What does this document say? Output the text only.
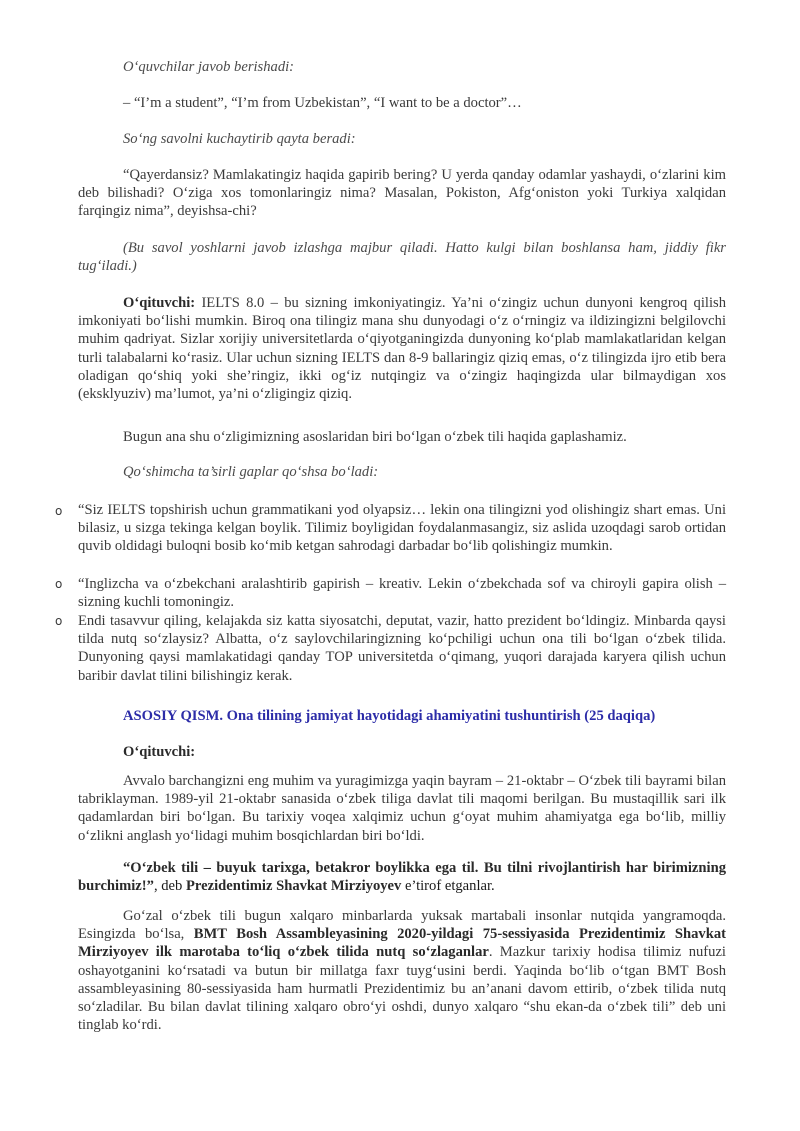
O‘quvchilar javob berishadi:

– “I’m a student”, “I’m from Uzbekistan”, “I want to be a doctor”…

So‘ng savolni kuchaytirib qayta beradi:

“Qayerdansiz? Mamlakatingiz haqida gapirib bering? U yerda qanday odamlar yashaydi, o‘zlarini kim deb bilishadi? O‘ziga xos tomonlaringiz nima? Masalan, Pokiston, Afg‘oniston yoki Turkiya xalqidan farqingiz nima”, deyishsa-chi?

(Bu savol yoshlarni javob izlashga majbur qiladi. Hatto kulgi bilan boshlansa ham, jiddiy fikr tug‘iladi.)

O‘qituvchi: IELTS 8.0 – bu sizning imkoniyatingiz. Ya’ni o‘zingiz uchun dunyoni kengroq qilish imkoniyati bo‘lishi mumkin. Biroq ona tilingiz mana shu dunyodagi o‘z o‘rningiz va ildizingizni belgilovchi muhim qadriyat. Sizlar xorijiy universitetlarda o‘qiyotganingizda dunyoning ko‘plab mamlakatlaridan kelgan turli talabalarni ko‘rasiz. Ular uchun sizning IELTS dan 8-9 ballaringiz qiziq emas, o‘z tilingizda ijro etib bera oladigan qo‘shiq yoki she’ringiz, ikki og‘iz nutqingiz va o‘zingiz haqingizda ular bilmaydigan xos (eksklyuziv) ma’lumot, ya’ni o‘zligingiz qiziq.

Bugun ana shu o‘zligimizning asoslaridan biri bo‘lgan o‘zbek tili haqida gaplashamiz.

Qo‘shimcha ta’sirli gaplar qo‘shsa bo‘ladi:

o “Siz IELTS topshirish uchun grammatikani yod olyapsiz… lekin ona tilingizni yod olishingiz shart emas. Uni bilasiz, u sizga tekinga kelgan boylik. Tilimiz boyligidan foydalanmasangiz, siz aslida uzoqdagi sarob ortidan quvib oldidagi buloqni bosib ko‘mib ketgan sahrodagi darbadar bo‘lib qolishingiz mumkin.

o “Inglizcha va o‘zbekchani aralashtirib gapirish – kreativ. Lekin o‘zbekchada sof va chiroyli gapira olish – sizning kuchli tomoningiz.

o Endi tasavvur qiling, kelajakda siz katta siyosatchi, deputat, vazir, hatto prezident bo‘ldingiz. Minbarda qaysi tilda nutq so‘zlaysiz? Albatta, o‘z saylovchilaringizning ko‘pchiligi uchun ona tili bo‘lgan o‘zbek tilida. Dunyoning qaysi mamlakatidagi qanday TOP universitetda o‘qimang, yuqori darajada karyera qilish uchun baribir davlat tilini bilishingiz kerak.

ASOSIY QISM. Ona tilining jamiyat hayotidagi ahamiyatini tushuntirish (25 daqiqa)

O‘qituvchi:

Avvalo barchangizni eng muhim va yuragimizga yaqin bayram – 21-oktabr – O‘zbek tili bayrami bilan tabriklayman. 1989-yil 21-oktabr sanasida o‘zbek tiliga davlat tili maqomi berilgan. Bu mustaqillik sari ilk qadamlardan biri bo‘lgan. Bu tarixiy voqea xalqimiz uchun g‘oyat muhim ahamiyatga ega bo‘lib, milliy o‘zlikni anglash yo‘lidagi muhim bosqichlardan biri bo‘ldi.

“O‘zbek tili – buyuk tarixga, betakror boylikka ega til. Bu tilni rivojlantirish har birimizning burchimiz!”, deb Prezidentimiz Shavkat Mirziyoyev e’tirof etganlar.

Go‘zal o‘zbek tili bugun xalqaro minbarlarda yuksak martabali insonlar nutqida yangramoqda. Esingizda bo‘lsa, BMT Bosh Assambleyasining 2020-yildagi 75-sessiyasida Prezidentimiz Shavkat Mirziyoyev ilk marotaba to‘liq o‘zbek tilida nutq so‘zlaganlar. Mazkur tarixiy hodisa tilimiz nufuzi oshayotganini ko‘rsatadi va butun bir millatga faxr tuyg‘usini berdi. Yaqinda bo‘lib o‘tgan BMT Bosh assambleyasining 80-sessiyasida ham hurmatli Prezidentimiz bu an’anani davom ettirib, o‘zbek tilida nutq so‘zladilar. Bu bilan davlat tilining xalqaro obro‘yi oshdi, dunyo xalqaro “shu ekan-da o‘zbek tili” deb uni tinglab ko‘rdi.
